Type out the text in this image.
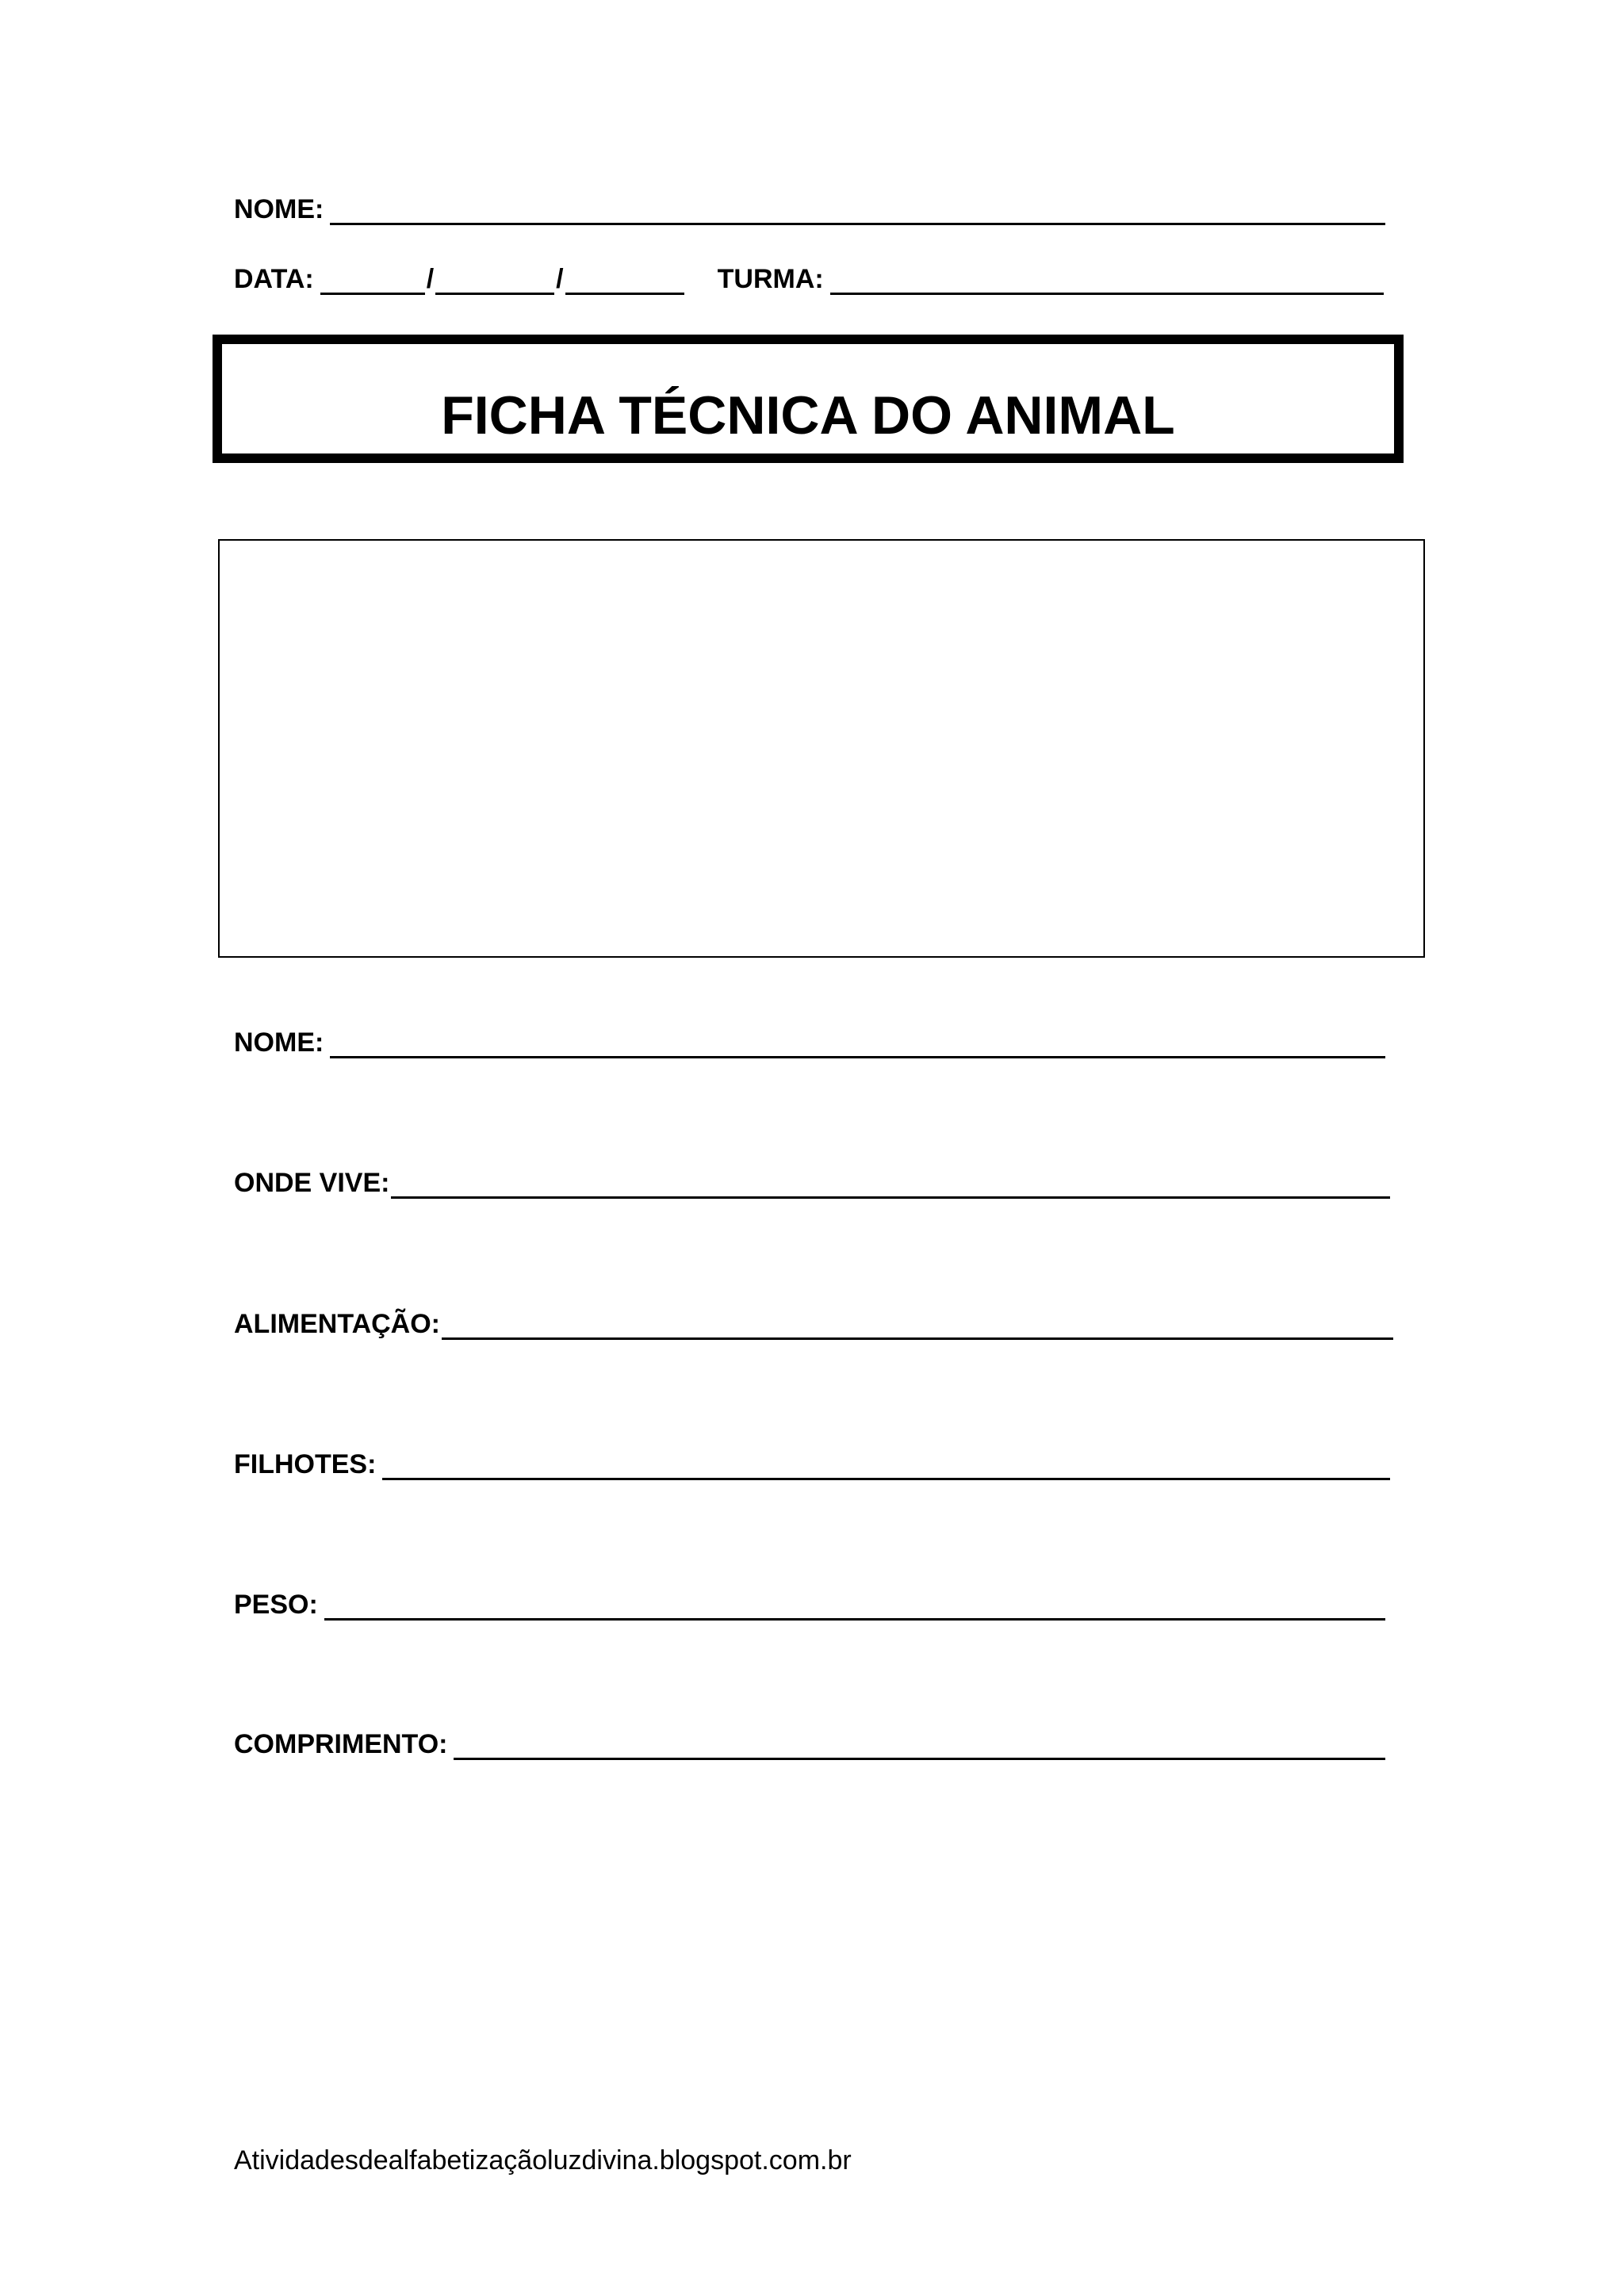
NOME:
DATA:	/	/	TURMA:
FICHA TÉCNICA DO ANIMAL
NOME:
ONDE VIVE:
ALIMENTAÇÃO:
FILHOTES:
PESO:
COMPRIMENTO:
Atividadesdealfabetizaçãoluzdivina.blogspot.com.br
